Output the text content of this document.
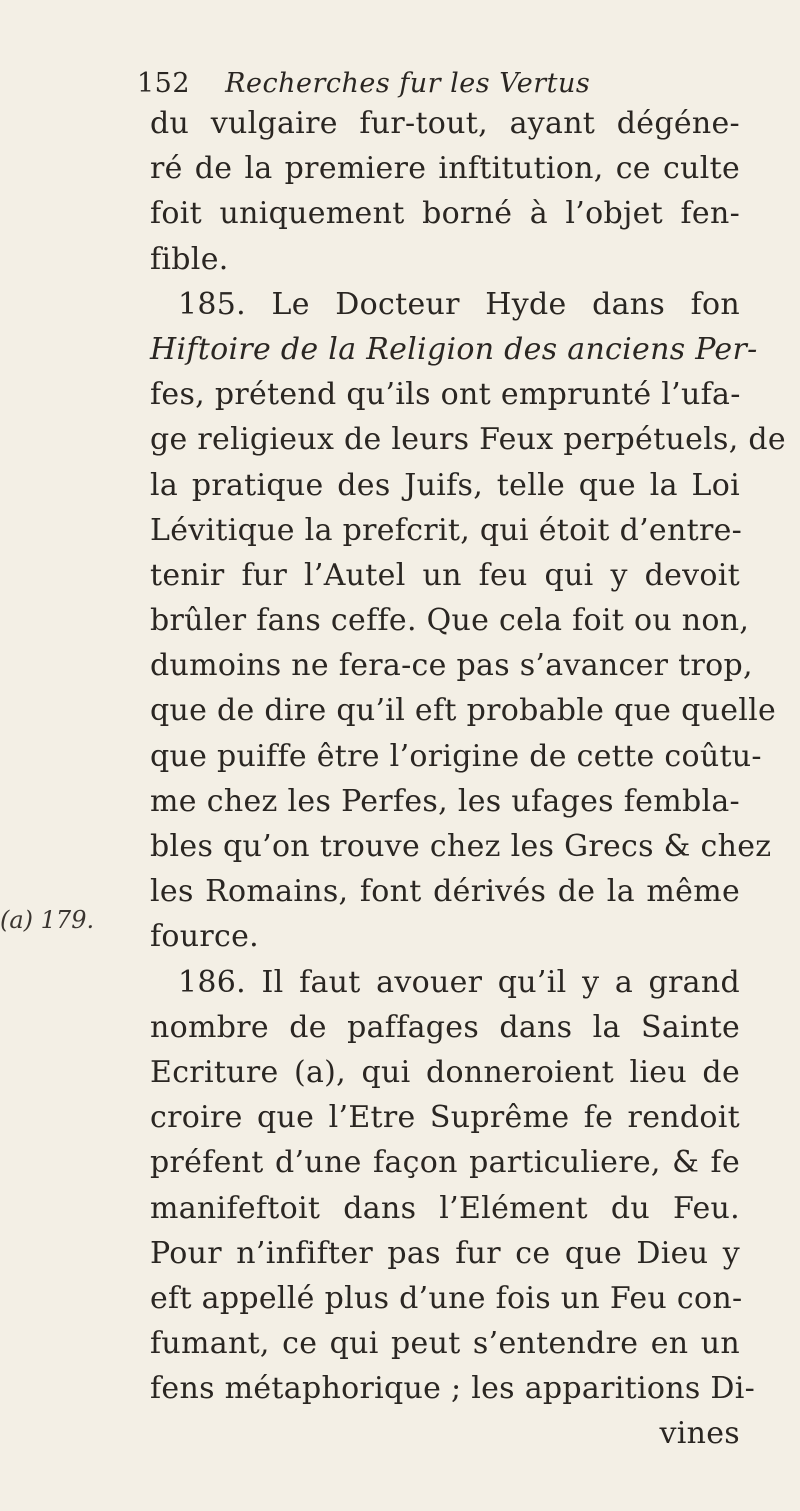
152 Recherches fur les Vertus
(a) 179.
du vulgaire fur-tout, ayant dégéne-
ré de la premiere inftitution, ce culte
foit uniquement borné à l’objet fen-
fible.
185. Le Docteur Hyde dans fon
Hiftoire de la Religion des anciens Per-
fes, prétend qu’ils ont emprunté l’ufa-
ge religieux de leurs Feux perpétuels, de
la pratique des Juifs, telle que la Loi
Lévitique la prefcrit, qui étoit d’entre-
tenir fur l’Autel un feu qui y devoit
brûler fans ceffe. Que cela foit ou non,
dumoins ne fera-ce pas s’avancer trop,
que de dire qu’il eft probable que quelle
que puiffe être l’origine de cette coûtu-
me chez les Perfes, les ufages fembla-
bles qu’on trouve chez les Grecs & chez
les Romains, font dérivés de la même
fource.
186. Il faut avouer qu’il y a grand
nombre de paffages dans la Sainte
Ecriture (a), qui donneroient lieu de
croire que l’Etre Suprême fe rendoit
préfent d’une façon particuliere, & fe
manifeftoit dans l’Elément du Feu.
Pour n’infifter pas fur ce que Dieu y
eft appellé plus d’une fois un Feu con-
fumant, ce qui peut s’entendre en un
fens métaphorique ; les apparitions Di-
vines
